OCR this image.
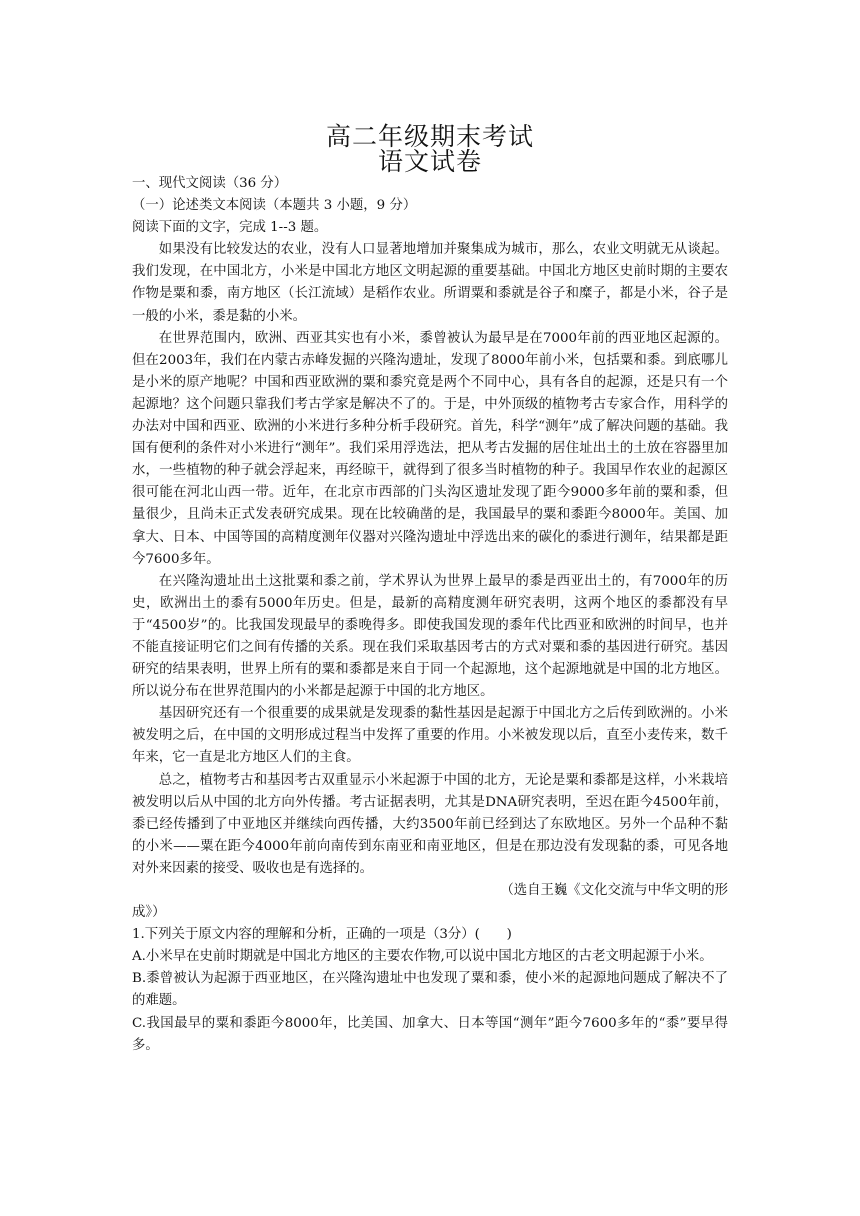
高二年级期末考试
语文试卷

一、现代文阅读（36 分）

（一）论述类文本阅读（本题共 3 小题，9 分）

阅读下面的文字，完成 1--3 题。

如果没有比较发达的农业，没有人口显著地增加并聚集成为城市，那么，农业文明就无从谈起。我们发现，在中国北方，小米是中国北方地区文明起源的重要基础。中国北方地区史前时期的主要农作物是粟和黍，南方地区（长江流域）是稻作农业。所谓粟和黍就是谷子和糜子，都是小米，谷子是一般的小米，黍是黏的小米。

在世界范围内，欧洲、西亚其实也有小米，黍曾被认为最早是在7000年前的西亚地区起源的。但在2003年，我们在内蒙古赤峰发掘的兴隆沟遗址，发现了8000年前小米，包括粟和黍。到底哪儿是小米的原产地呢？中国和西亚欧洲的粟和黍究竟是两个不同中心，具有各自的起源，还是只有一个起源地？这个问题只靠我们考古学家是解决不了的。于是，中外顶级的植物考古专家合作，用科学的办法对中国和西亚、欧洲的小米进行多种分析手段研究。首先，科学“测年”成了解决问题的基础。我国有便利的条件对小米进行“测年”。我们采用浮选法，把从考古发掘的居住址出土的土放在容器里加水，一些植物的种子就会浮起来，再经晾干，就得到了很多当时植物的种子。我国早作农业的起源区很可能在河北山西一带。近年，在北京市西部的门头沟区遗址发现了距今9000多年前的粟和黍，但量很少，且尚未正式发表研究成果。现在比较确凿的是，我国最早的粟和黍距今8000年。美国、加拿大、日本、中国等国的高精度测年仪器对兴隆沟遗址中浮选出来的碳化的黍进行测年，结果都是距今7600多年。

在兴隆沟遗址出土这批粟和黍之前，学术界认为世界上最早的黍是西亚出土的，有7000年的历史，欧洲出土的黍有5000年历史。但是，最新的高精度测年研究表明，这两个地区的黍都没有早于“4500岁”的。比我国发现最早的黍晚得多。即使我国发现的黍年代比西亚和欧洲的时间早，也并不能直接证明它们之间有传播的关系。现在我们采取基因考古的方式对粟和黍的基因进行研究。基因研究的结果表明，世界上所有的粟和黍都是来自于同一个起源地，这个起源地就是中国的北方地区。所以说分布在世界范围内的小米都是起源于中国的北方地区。

基因研究还有一个很重要的成果就是发现黍的黏性基因是起源于中国北方之后传到欧洲的。小米被发明之后，在中国的文明形成过程当中发挥了重要的作用。小米被发现以后，直至小麦传来，数千年来，它一直是北方地区人们的主食。

总之，植物考古和基因考古双重显示小米起源于中国的北方，无论是粟和黍都是这样，小米栽培被发明以后从中国的北方向外传播。考古证据表明，尤其是DNA研究表明，至迟在距今4500年前，黍已经传播到了中亚地区并继续向西传播，大约3500年前已经到达了东欧地区。另外一个品种不黏的小米——粟在距今4000年前向南传到东南亚和南亚地区，但是在那边没有发现黏的黍，可见各地对外来因素的接受、吸收也是有选择的。

（选自王巍《文化交流与中华文明的形

成》）

1.下列关于原文内容的理解和分析，正确的一项是（3分）(　　)

A.小米早在史前时期就是中国北方地区的主要农作物,可以说中国北方地区的古老文明起源于小米。

B.黍曾被认为起源于西亚地区，在兴隆沟遗址中也发现了粟和黍，使小米的起源地问题成了解决不了的难题。

C.我国最早的粟和黍距今8000年，比美国、加拿大、日本等国“测年”距今7600多年的“黍”要早得多。
